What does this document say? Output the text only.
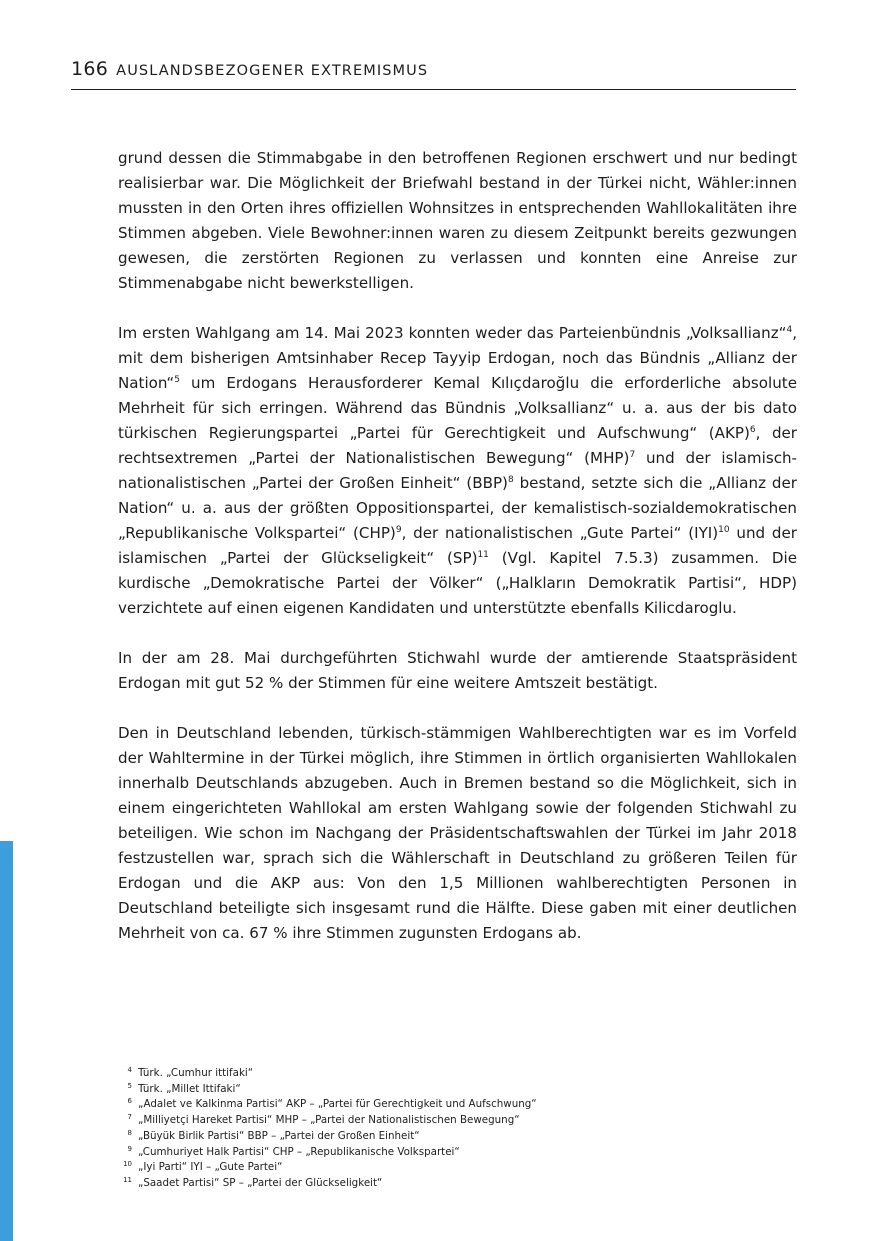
166 AUSLANDSBEZOGENER EXTREMISMUS

grund dessen die Stimmabgabe in den betroffenen Regionen erschwert und nur bedingt realisierbar war. Die Möglichkeit der Briefwahl bestand in der Türkei nicht, Wähler:innen mussten in den Orten ihres offiziellen Wohnsitzes in entsprechenden Wahllokalitäten ihre Stimmen abgeben. Viele Bewohner:innen waren zu diesem Zeitpunkt bereits gezwungen gewesen, die zerstörten Regionen zu verlassen und konnten eine Anreise zur Stimmenabgabe nicht bewerkstelligen.

Im ersten Wahlgang am 14. Mai 2023 konnten weder das Parteienbündnis „Volksallianz“$^4$, mit dem bisherigen Amtsinhaber Recep Tayyip Erdogan, noch das Bündnis „Allianz der Nation“$^5$ um Erdogans Herausforderer Kemal Kılıçdaroğlu die erforderliche absolute Mehrheit für sich erringen. Während das Bündnis „Volksallianz“ u. a. aus der bis dato türkischen Regierungspartei „Partei für Gerechtigkeit und Aufschwung“ (AKP)$^6$, der rechtsextremen „Partei der Nationalistischen Bewegung“ (MHP)$^7$ und der islamisch-nationalistischen „Partei der Großen Einheit“ (BBP)$^8$ bestand, setzte sich die „Allianz der Nation“ u. a. aus der größten Oppositionspartei, der kemalistisch-sozialdemokratischen „Republikanische Volkspartei“ (CHP)$^9$, der nationalistischen „Gute Partei“ (IYI)$^{10}$ und der islamischen „Partei der Glückseligkeit“ (SP)$^{11}$ (Vgl. Kapitel 7.5.3) zusammen. Die kurdische „Demokratische Partei der Völker“ („Halkların Demokratik Partisi“, HDP) verzichtete auf einen eigenen Kandidaten und unterstützte ebenfalls Kilicdaroglu.

In der am 28. Mai durchgeführten Stichwahl wurde der amtierende Staatspräsident Erdogan mit gut 52 % der Stimmen für eine weitere Amtszeit bestätigt.

Den in Deutschland lebenden, türkisch-stämmigen Wahlberechtigten war es im Vorfeld der Wahltermine in der Türkei möglich, ihre Stimmen in örtlich organisierten Wahllokalen innerhalb Deutschlands abzugeben. Auch in Bremen bestand so die Möglichkeit, sich in einem eingerichteten Wahllokal am ersten Wahlgang sowie der folgenden Stichwahl zu beteiligen. Wie schon im Nachgang der Präsidentschaftswahlen der Türkei im Jahr 2018 festzustellen war, sprach sich die Wählerschaft in Deutschland zu größeren Teilen für Erdogan und die AKP aus: Von den 1,5 Millionen wahlberechtigten Personen in Deutschland beteiligte sich insgesamt rund die Hälfte. Diese gaben mit einer deutlichen Mehrheit von ca. 67 % ihre Stimmen zugunsten Erdogans ab.

4 Türk. „Cumhur ittifaki“
5 Türk. „Millet Ittifaki“
6 „Adalet ve Kalkinma Partisi“ AKP – „Partei für Gerechtigkeit und Aufschwung“
7 „Milliyetçi Hareket Partisi“ MHP – „Partei der Nationalistischen Bewegung“
8 „Büyük Birlik Partisi“ BBP – „Partei der Großen Einheit“
9 „Cumhuriyet Halk Partisi“ CHP – „Republikanische Volkspartei“
10 „Iyi Parti“ IYI – „Gute Partei“
11 „Saadet Partisi“ SP – „Partei der Glückseligkeit“
